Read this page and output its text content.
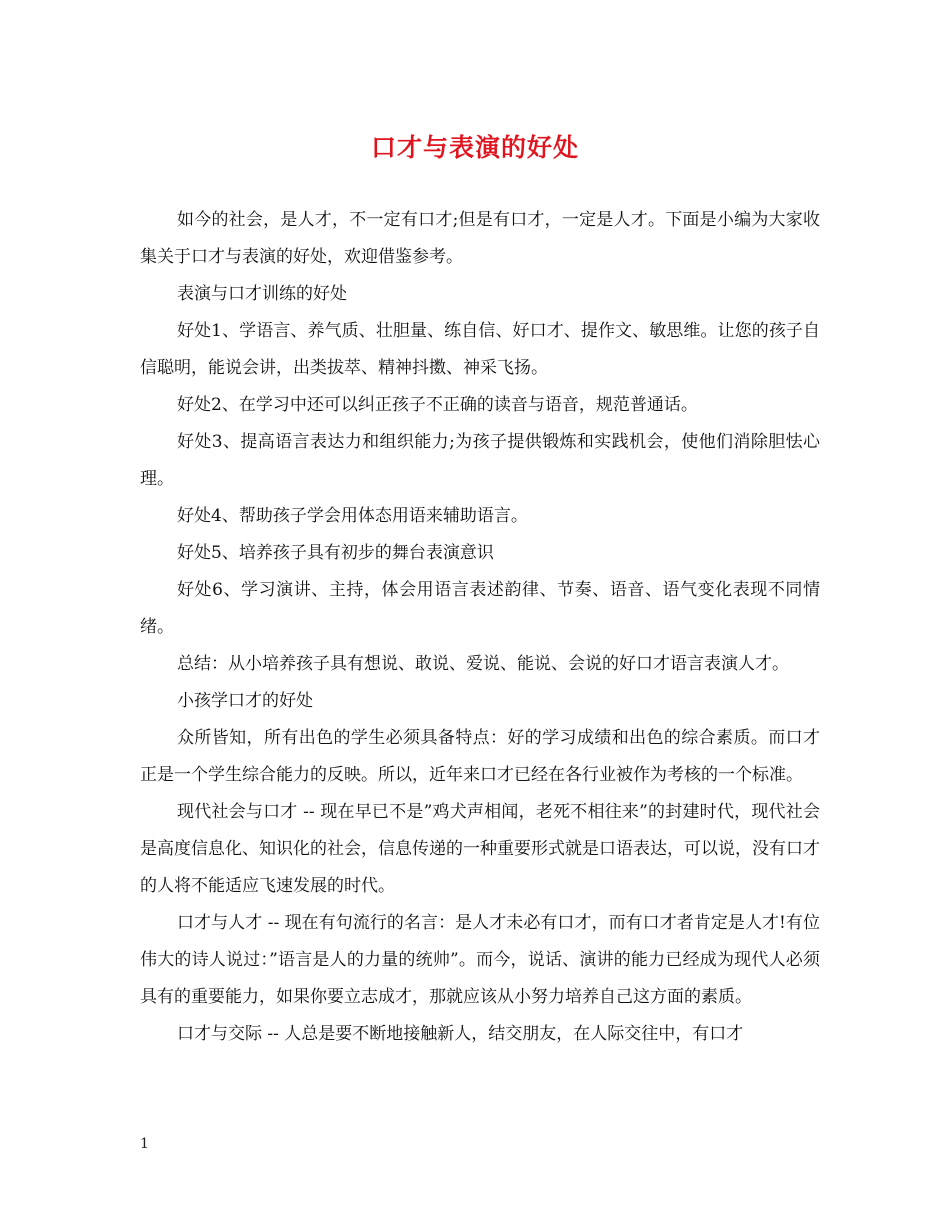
口才与表演的好处

如今的社会，是人才，不一定有口才;但是有口才，一定是人才。下面是小编为大家收集关于口才与表演的好处，欢迎借鉴参考。

表演与口才训练的好处

好处1、学语言、养气质、壮胆量、练自信、好口才、提作文、敏思维。让您的孩子自信聪明，能说会讲，出类拔萃、精神抖擞、神采飞扬。

好处2、在学习中还可以纠正孩子不正确的读音与语音，规范普通话。

好处3、提高语言表达力和组织能力;为孩子提供锻炼和实践机会，使他们消除胆怯心理。

好处4、帮助孩子学会用体态用语来辅助语言。

好处5、培养孩子具有初步的舞台表演意识

好处6、学习演讲、主持，体会用语言表述韵律、节奏、语音、语气变化表现不同情绪。

总结：从小培养孩子具有想说、敢说、爱说、能说、会说的好口才语言表演人才。

小孩学口才的好处

众所皆知，所有出色的学生必须具备特点：好的学习成绩和出色的综合素质。而口才正是一个学生综合能力的反映。所以，近年来口才已经在各行业被作为考核的一个标准。

现代社会与口才 -- 现在早已不是”鸡犬声相闻，老死不相往来”的封建时代，现代社会是高度信息化、知识化的社会，信息传递的一种重要形式就是口语表达，可以说，没有口才的人将不能适应飞速发展的时代。

口才与人才 -- 现在有句流行的名言：是人才未必有口才，而有口才者肯定是人才!有位伟大的诗人说过：”语言是人的力量的统帅”。而今，说话、演讲的能力已经成为现代人必须具有的重要能力，如果你要立志成才，那就应该从小努力培养自己这方面的素质。

口才与交际 -- 人总是要不断地接触新人，结交朋友，在人际交往中，有口才

1
